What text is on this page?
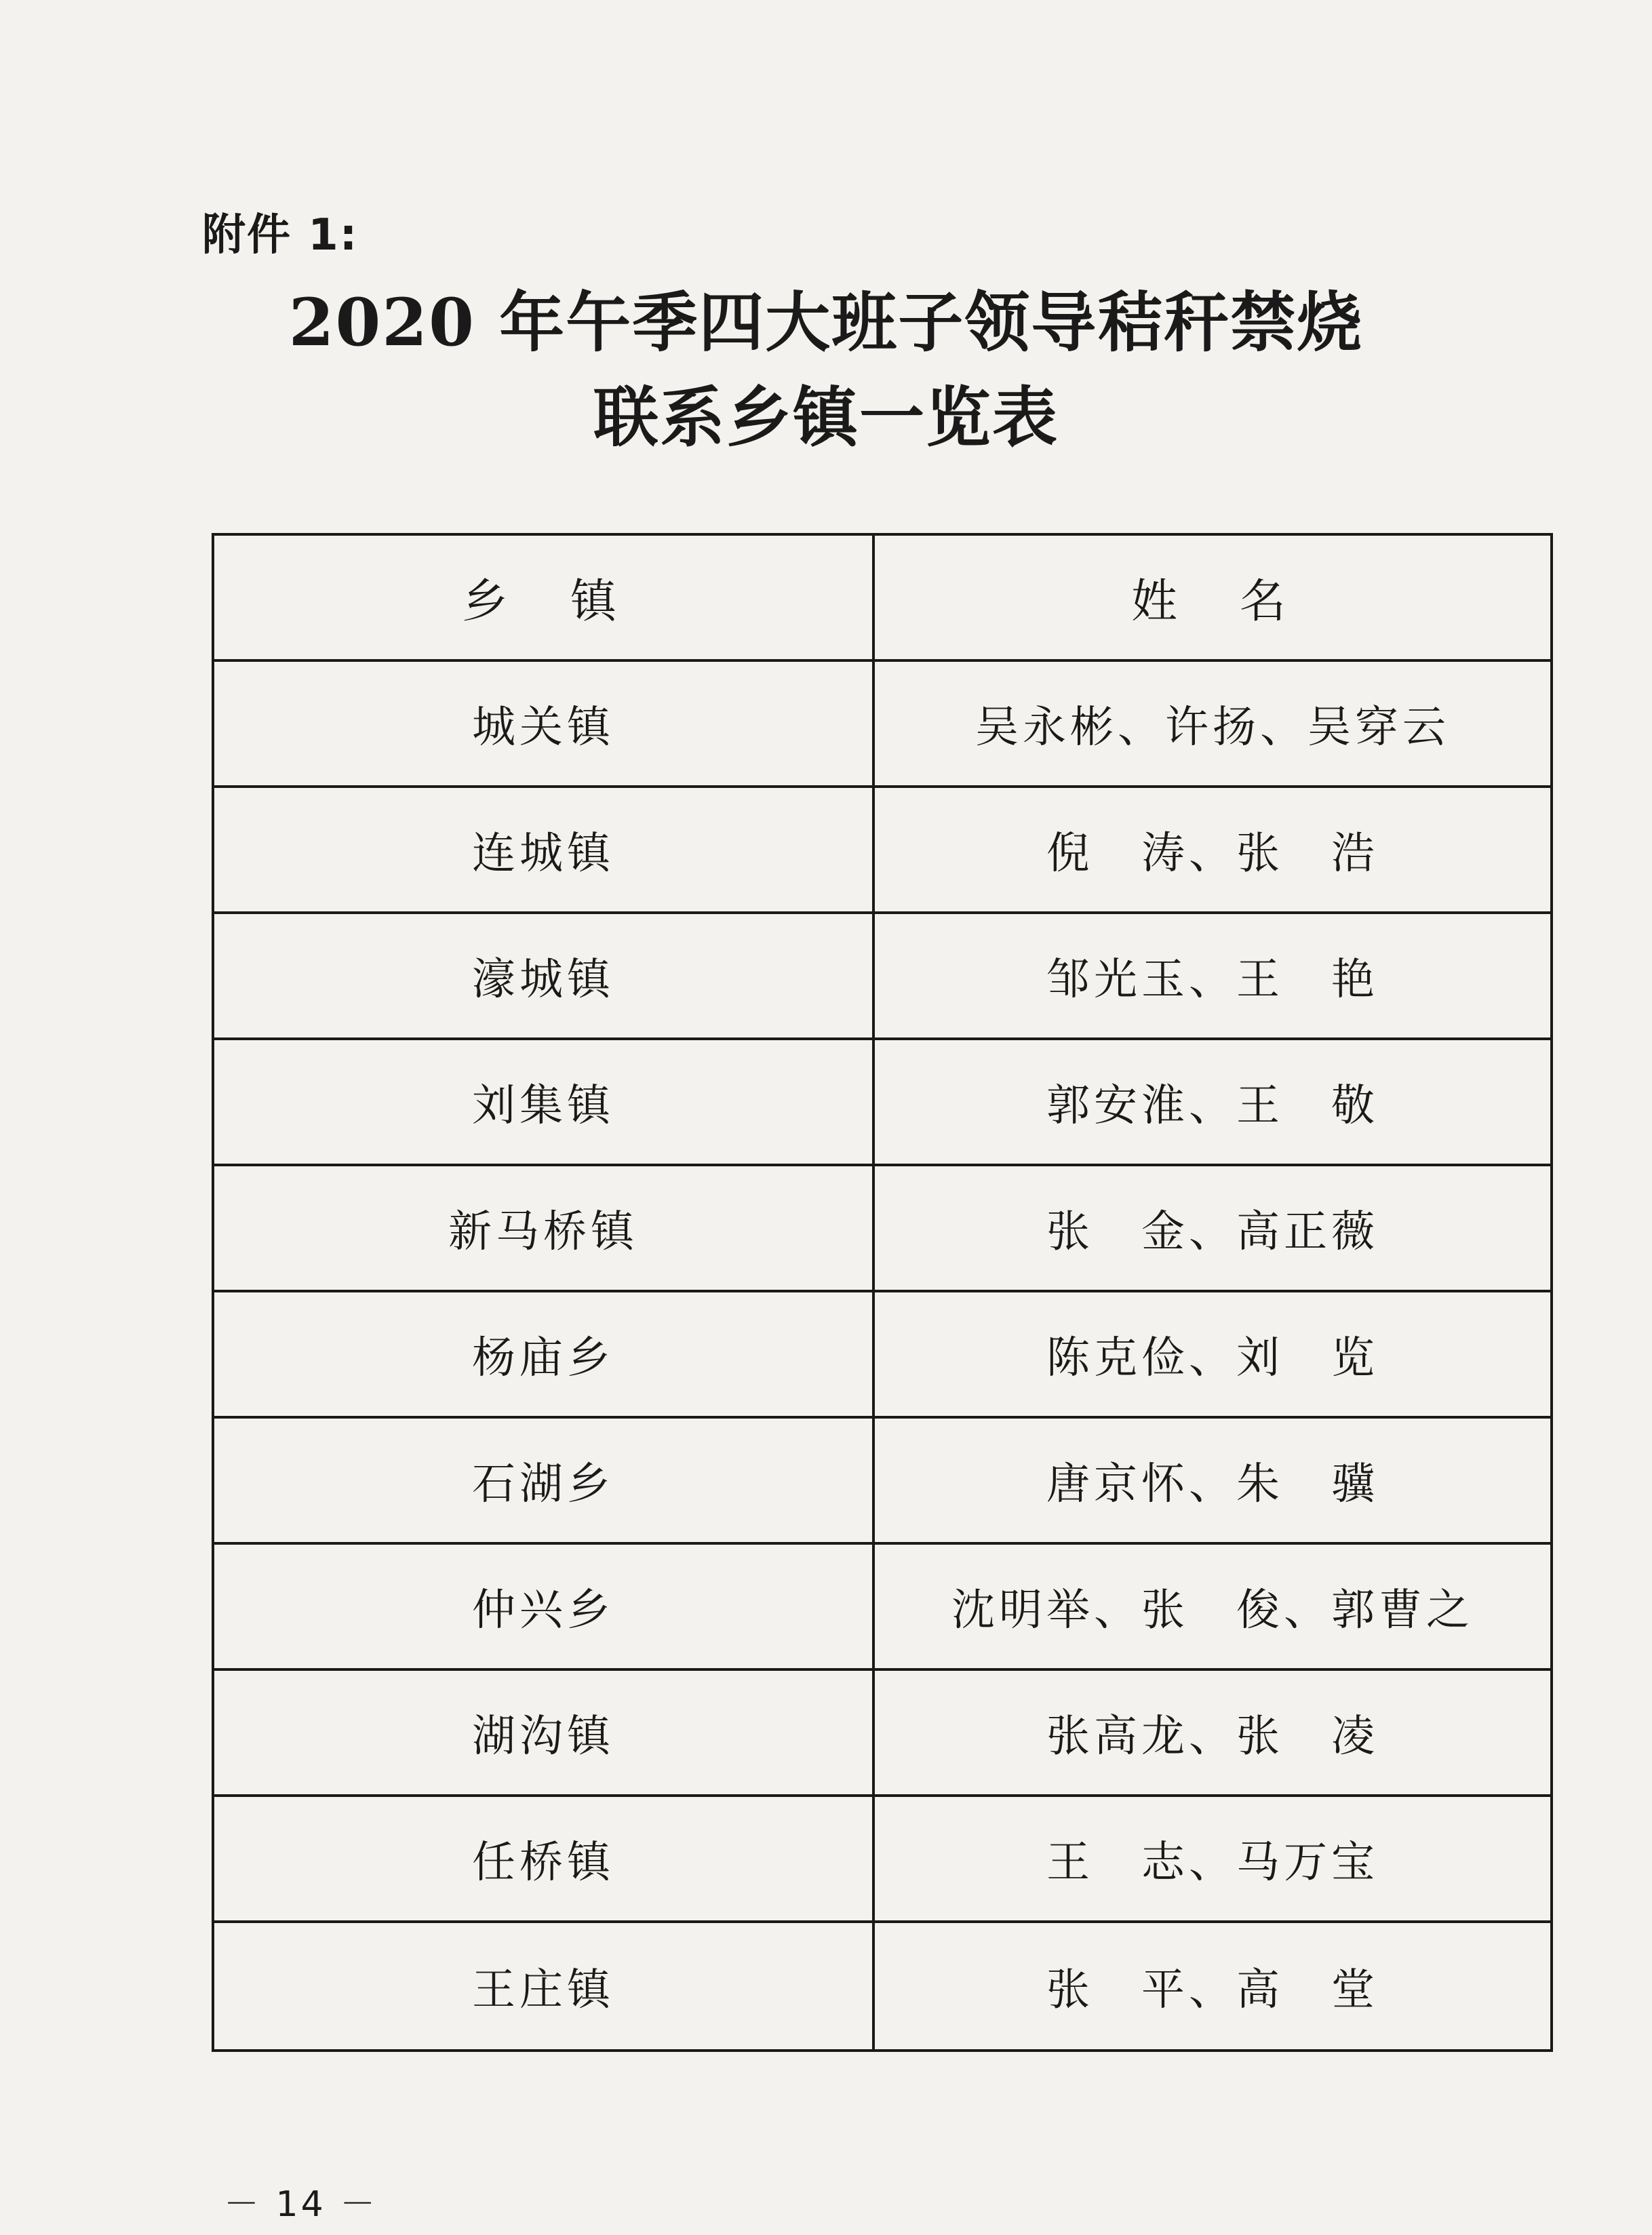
附件 1:
2020 年午季四大班子领导秸秆禁烧
联系乡镇一览表
乡　镇	姓　名
城关镇	吴永彬、许扬、吴穿云
连城镇	倪　涛、张　浩
濠城镇	邹光玉、王　艳
刘集镇	郭安淮、王　敬
新马桥镇	张　金、高正薇
杨庙乡	陈克俭、刘　览
石湖乡	唐京怀、朱　骥
仲兴乡	沈明举、张　俊、郭曹之
湖沟镇	张高龙、张　凌
任桥镇	王　志、马万宝
王庄镇	张　平、高　堂
－ 14 －
